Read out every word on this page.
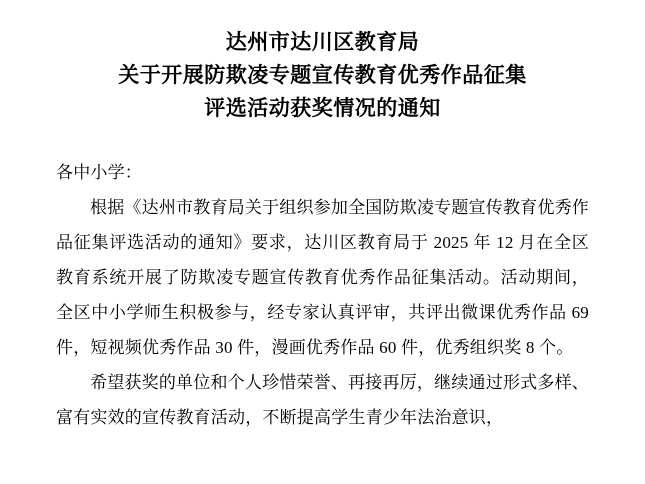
达州市达川区教育局
关于开展防欺凌专题宣传教育优秀作品征集
评选活动获奖情况的通知

各中小学：

根据《达州市教育局关于组织参加全国防欺凌专题宣传教育优秀作品征集评选活动的通知》要求，达川区教育局于 2025 年 12 月在全区教育系统开展了防欺凌专题宣传教育优秀作品征集活动。活动期间，全区中小学师生积极参与，经专家认真评审，共评出微课优秀作品 69 件，短视频优秀作品 30 件，漫画优秀作品 60 件，优秀组织奖 8 个。

希望获奖的单位和个人珍惜荣誉、再接再厉，继续通过形式多样、富有实效的宣传教育活动，不断提高学生青少年法治意识，
